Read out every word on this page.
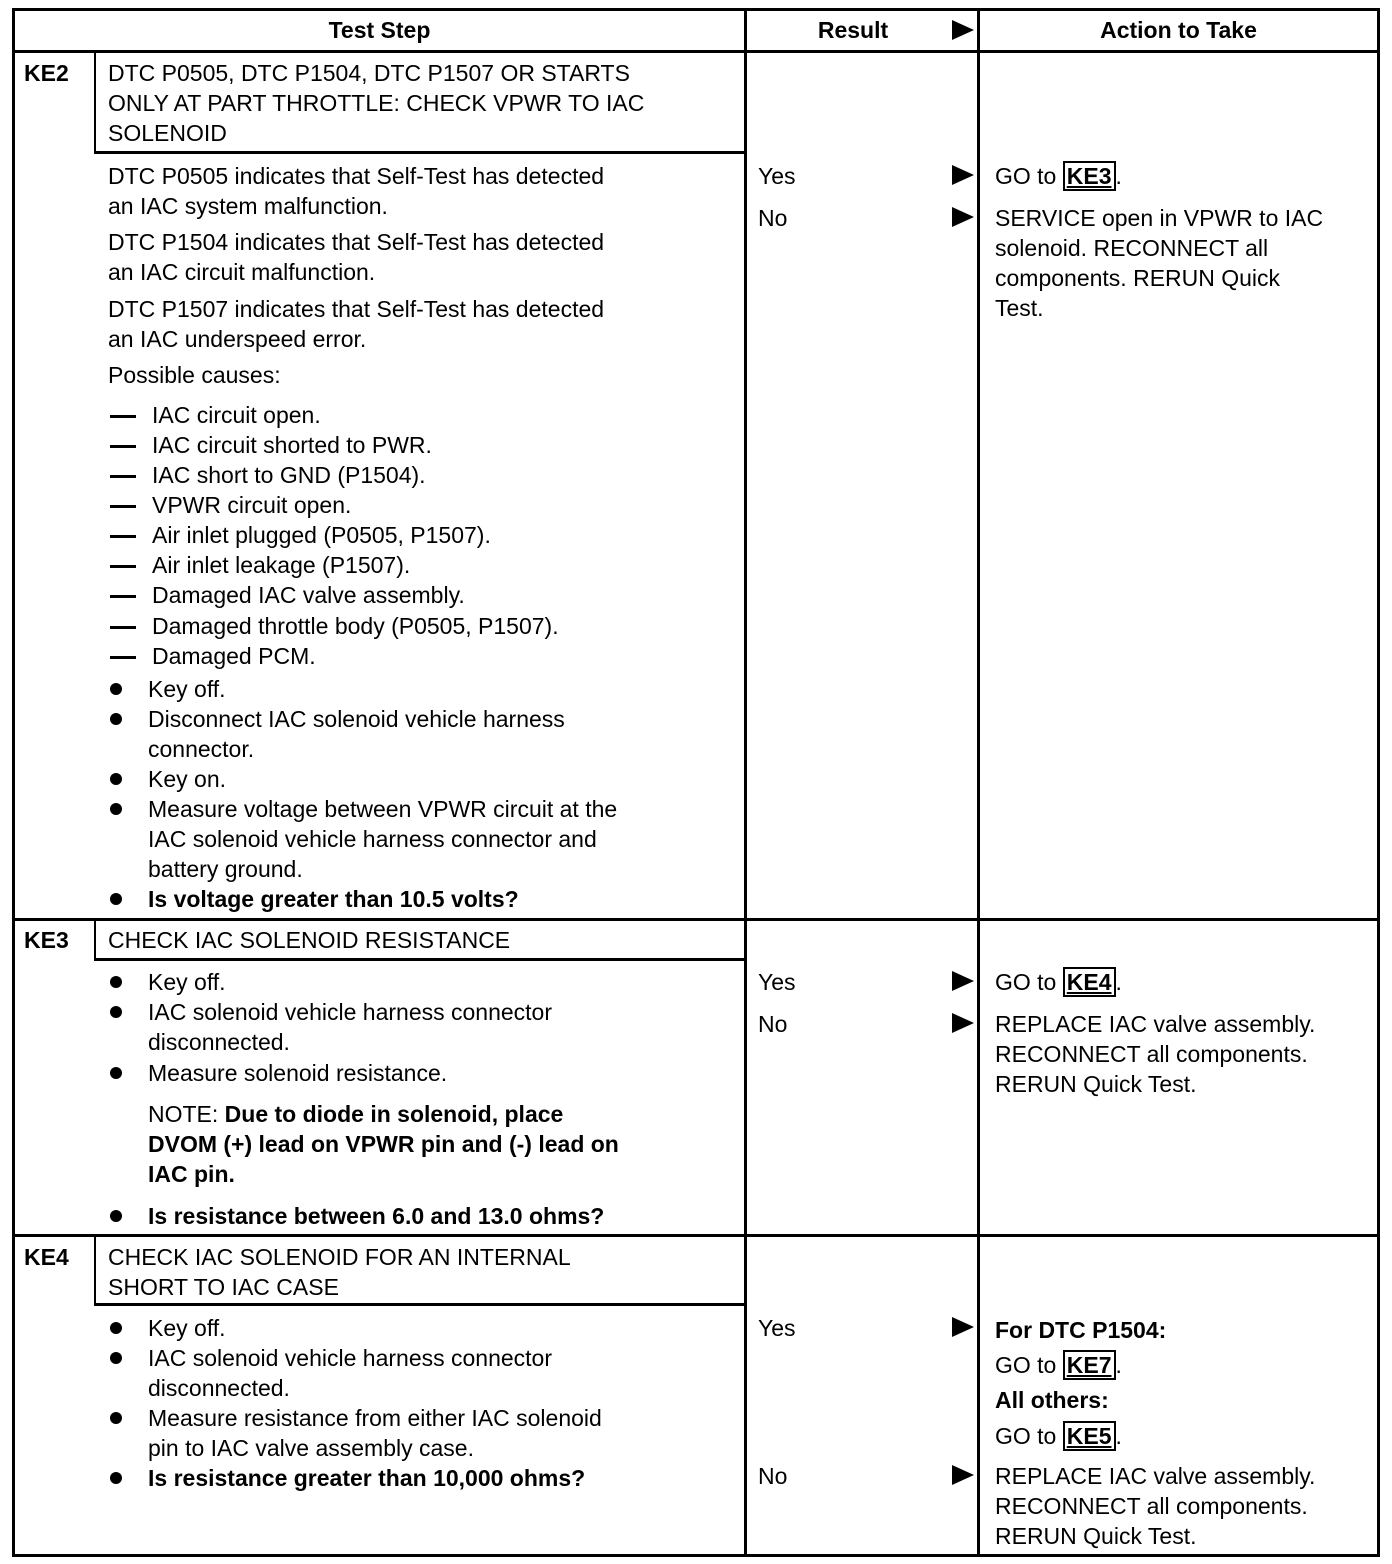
Test Step	Result	Action to Take
KE2 DTC P0505, DTC P1504, DTC P1507 OR STARTS
ONLY AT PART THROTTLE: CHECK VPWR TO IAC
SOLENOID
DTC P0505 indicates that Self-Test has detected
an IAC system malfunction.
DTC P1504 indicates that Self-Test has detected
an IAC circuit malfunction.
DTC P1507 indicates that Self-Test has detected
an IAC underspeed error.
Possible causes:
IAC circuit open.
IAC circuit shorted to PWR.
IAC short to GND (P1504).
VPWR circuit open.
Air inlet plugged (P0505, P1507).
Air inlet leakage (P1507).
Damaged IAC valve assembly.
Damaged throttle body (P0505, P1507).
Damaged PCM.
Key off.
Disconnect IAC solenoid vehicle harness
connector.
Key on.
Measure voltage between VPWR circuit at the
IAC solenoid vehicle harness connector and
battery ground.
Is voltage greater than 10.5 volts?
Yes
No
GO to KE3 .
SERVICE open in VPWR to IAC
solenoid. RECONNECT all
components. RERUN Quick
Test.
KE3 CHECK IAC SOLENOID RESISTANCE
Key off.
IAC solenoid vehicle harness connector
disconnected.
Measure solenoid resistance.
NOTE: Due to diode in solenoid, place
DVOM (+) lead on VPWR pin and (-) lead on
IAC pin.
Is resistance between 6.0 and 13.0 ohms?
Yes
No
GO to KE4 .
REPLACE IAC valve assembly.
RECONNECT all components.
RERUN Quick Test.
KE4 CHECK IAC SOLENOID FOR AN INTERNAL
SHORT TO IAC CASE
Key off.
IAC solenoid vehicle harness connector
disconnected.
Measure resistance from either IAC solenoid
pin to IAC valve assembly case.
Is resistance greater than 10,000 ohms?
Yes
No
For DTC P1504:
GO to KE7 .
All others:
GO to KE5 .
REPLACE IAC valve assembly.
RECONNECT all components.
RERUN Quick Test.
